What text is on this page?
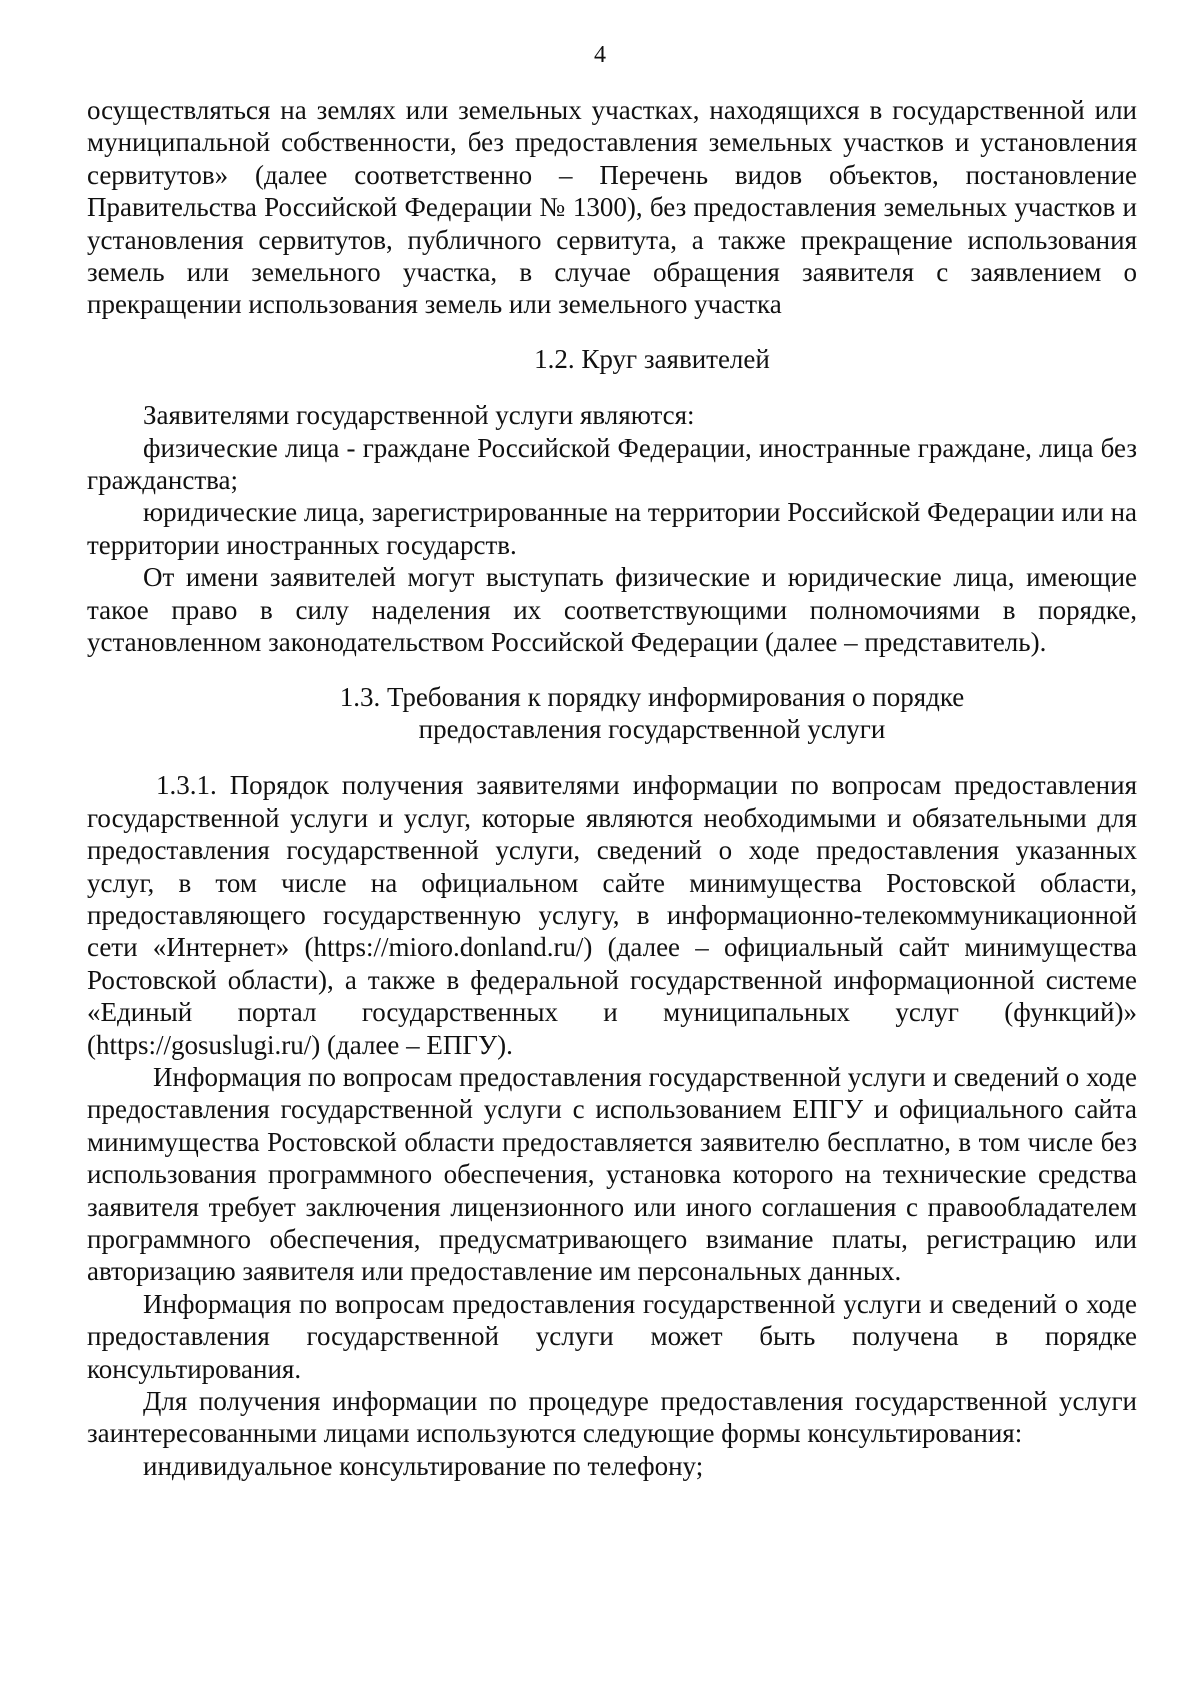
4

осуществляться на землях или земельных участках, находящихся в государственной или муниципальной собственности, без предоставления земельных участков и установления сервитутов» (далее соответственно – Перечень видов объектов, постановление Правительства Российской Федерации № 1300), без предоставления земельных участков и установления сервитутов, публичного сервитута, а также прекращение использования земель или земельного участка, в случае обращения заявителя с заявлением о прекращении использования земель или земельного участка

1.2. Круг заявителей

Заявителями государственной услуги являются:

физические лица - граждане Российской Федерации, иностранные граждане, лица без гражданства;

юридические лица, зарегистрированные на территории Российской Федерации или на территории иностранных государств.

От имени заявителей могут выступать физические и юридические лица, имеющие такое право в силу наделения их соответствующими полномочиями в порядке, установленном законодательством Российской Федерации (далее – представитель).

1.3. Требования к порядку информирования о порядке
предоставления государственной услуги

1.3.1. Порядок получения заявителями информации по вопросам предоставления государственной услуги и услуг, которые являются необходимыми и обязательными для предоставления государственной услуги, сведений о ходе предоставления указанных услуг, в том числе на официальном сайте минимущества Ростовской области, предоставляющего государственную услугу, в информационно-телекоммуникационной сети «Интернет» (https://mioro.donland.ru/) (далее – официальный сайт минимущества Ростовской области), а также в федеральной государственной информационной системе «Единый портал государственных и муниципальных услуг (функций)» (https://gosuslugi.ru/) (далее – ЕПГУ).

Информация по вопросам предоставления государственной услуги и сведений о ходе предоставления государственной услуги с использованием ЕПГУ и официального сайта минимущества Ростовской области предоставляется заявителю бесплатно, в том числе без использования программного обеспечения, установка которого на технические средства заявителя требует заключения лицензионного или иного соглашения с правообладателем программного обеспечения, предусматривающего взимание платы, регистрацию или авторизацию заявителя или предоставление им персональных данных.

Информация по вопросам предоставления государственной услуги и сведений о ходе предоставления государственной услуги может быть получена в порядке консультирования.

Для получения информации по процедуре предоставления государственной услуги заинтересованными лицами используются следующие формы консультирования:

индивидуальное консультирование по телефону;
